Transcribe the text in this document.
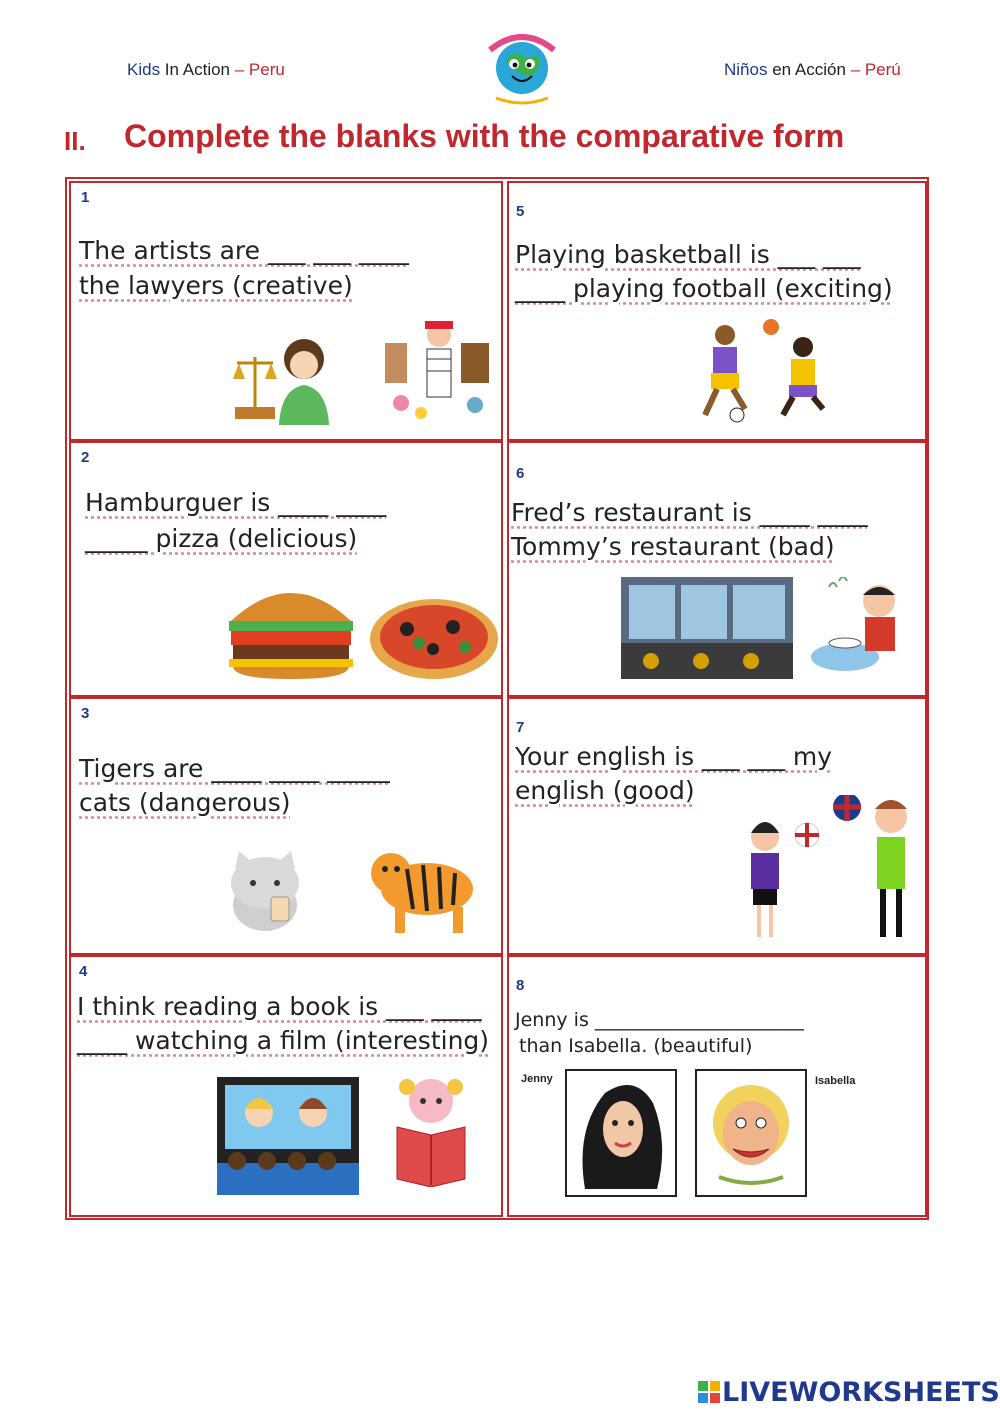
Kids In Action – Peru	Niños en Acción – Perú
II. Complete the blanks with the comparative form
1
The artists are ___ ___ ____
the lawyers (creative)
2
Hamburguer is ____ ____
_____ pizza (delicious)
3
Tigers are ____ ____ _____
cats (dangerous)
4
I think reading a book is ___ ____
____ watching a film (interesting)
5
Playing basketball is ___ ___
____ playing football (exciting)
6
Fred’s restaurant is ____ ____
Tommy’s restaurant (bad)
7
Your english is ___ ___ my
english (good)
8
Jenny is ______________________
than Isabella. (beautiful)
Jenny	Isabella
LIVEWORKSHEETS
